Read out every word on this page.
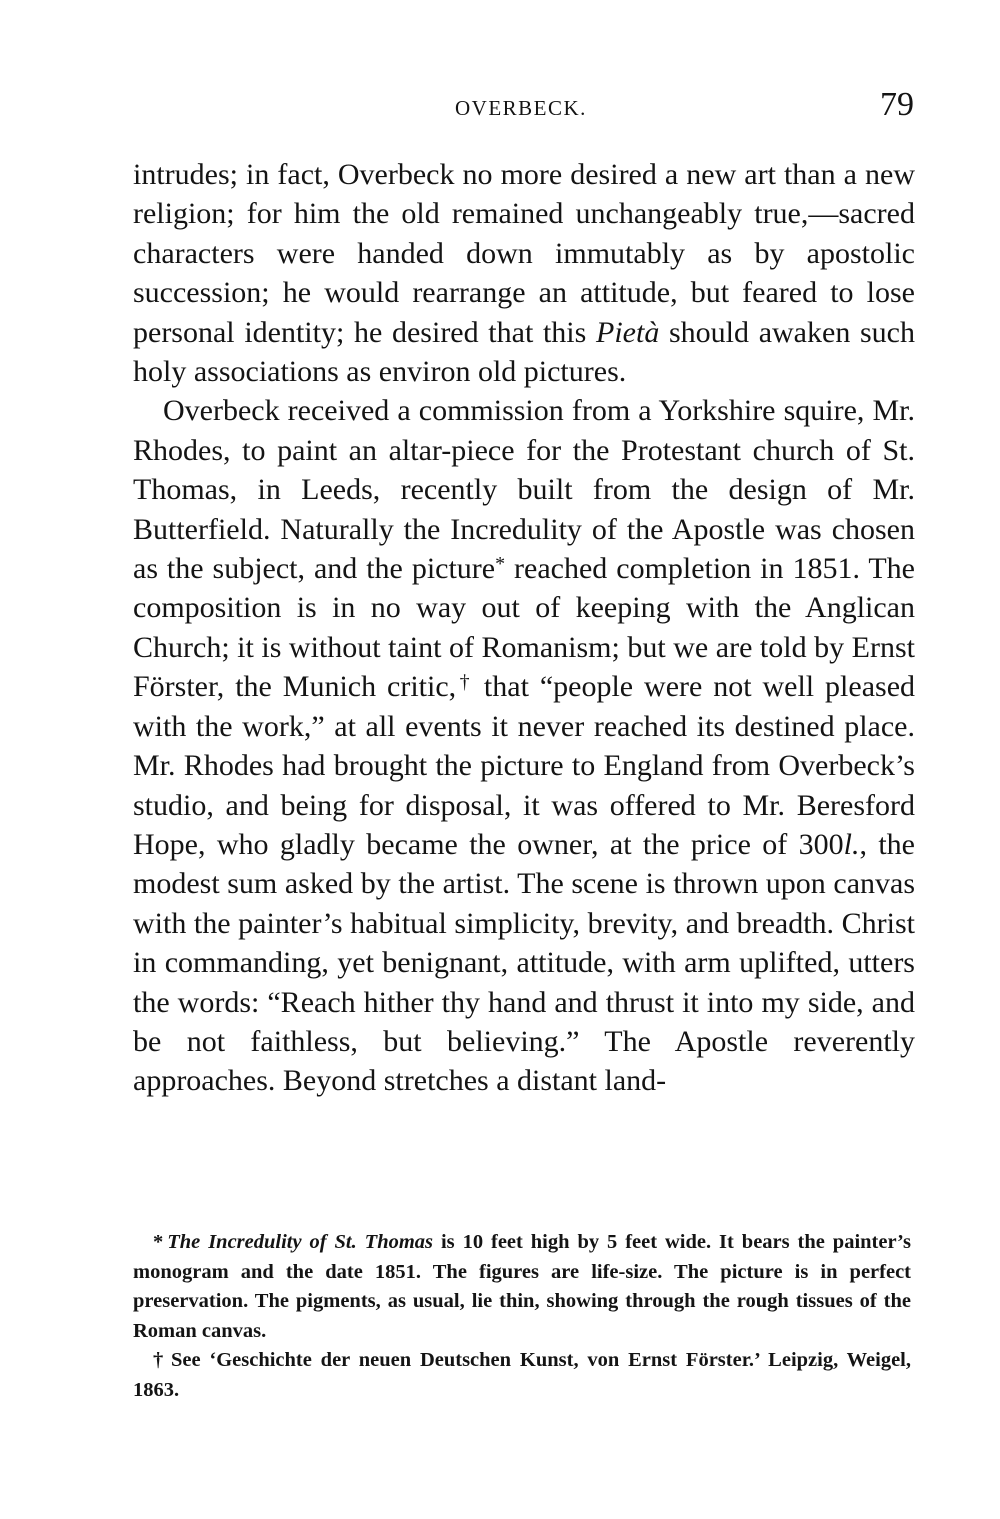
OVERBECK.	79

intrudes; in fact, Overbeck no more desired a new art than a new religion; for him the old remained unchangeably true,—sacred characters were handed down immutably as by apostolic succession; he would rearrange an attitude, but feared to lose personal identity; he desired that this Pietà should awaken such holy associations as environ old pictures.

Overbeck received a commission from a Yorkshire squire, Mr. Rhodes, to paint an altar-piece for the Protestant church of St. Thomas, in Leeds, recently built from the design of Mr. Butterfield. Naturally the Incredulity of the Apostle was chosen as the subject, and the picture* reached completion in 1851. The composition is in no way out of keeping with the Anglican Church; it is without taint of Romanism; but we are told by Ernst Förster, the Munich critic,† that “people were not well pleased with the work,” at all events it never reached its destined place. Mr. Rhodes had brought the picture to England from Overbeck’s studio, and being for disposal, it was offered to Mr. Beresford Hope, who gladly became the owner, at the price of 300l., the modest sum asked by the artist. The scene is thrown upon canvas with the painter’s habitual simplicity, brevity, and breadth. Christ in commanding, yet benignant, attitude, with arm uplifted, utters the words: “Reach hither thy hand and thrust it into my side, and be not faithless, but believing.” The Apostle reverently approaches. Beyond stretches a distant land-

* The Incredulity of St. Thomas is 10 feet high by 5 feet wide. It bears the painter’s monogram and the date 1851. The figures are life-size. The picture is in perfect preservation. The pigments, as usual, lie thin, showing through the rough tissues of the Roman canvas.

† See ‘Geschichte der neuen Deutschen Kunst, von Ernst Förster.’ Leipzig, Weigel, 1863.
